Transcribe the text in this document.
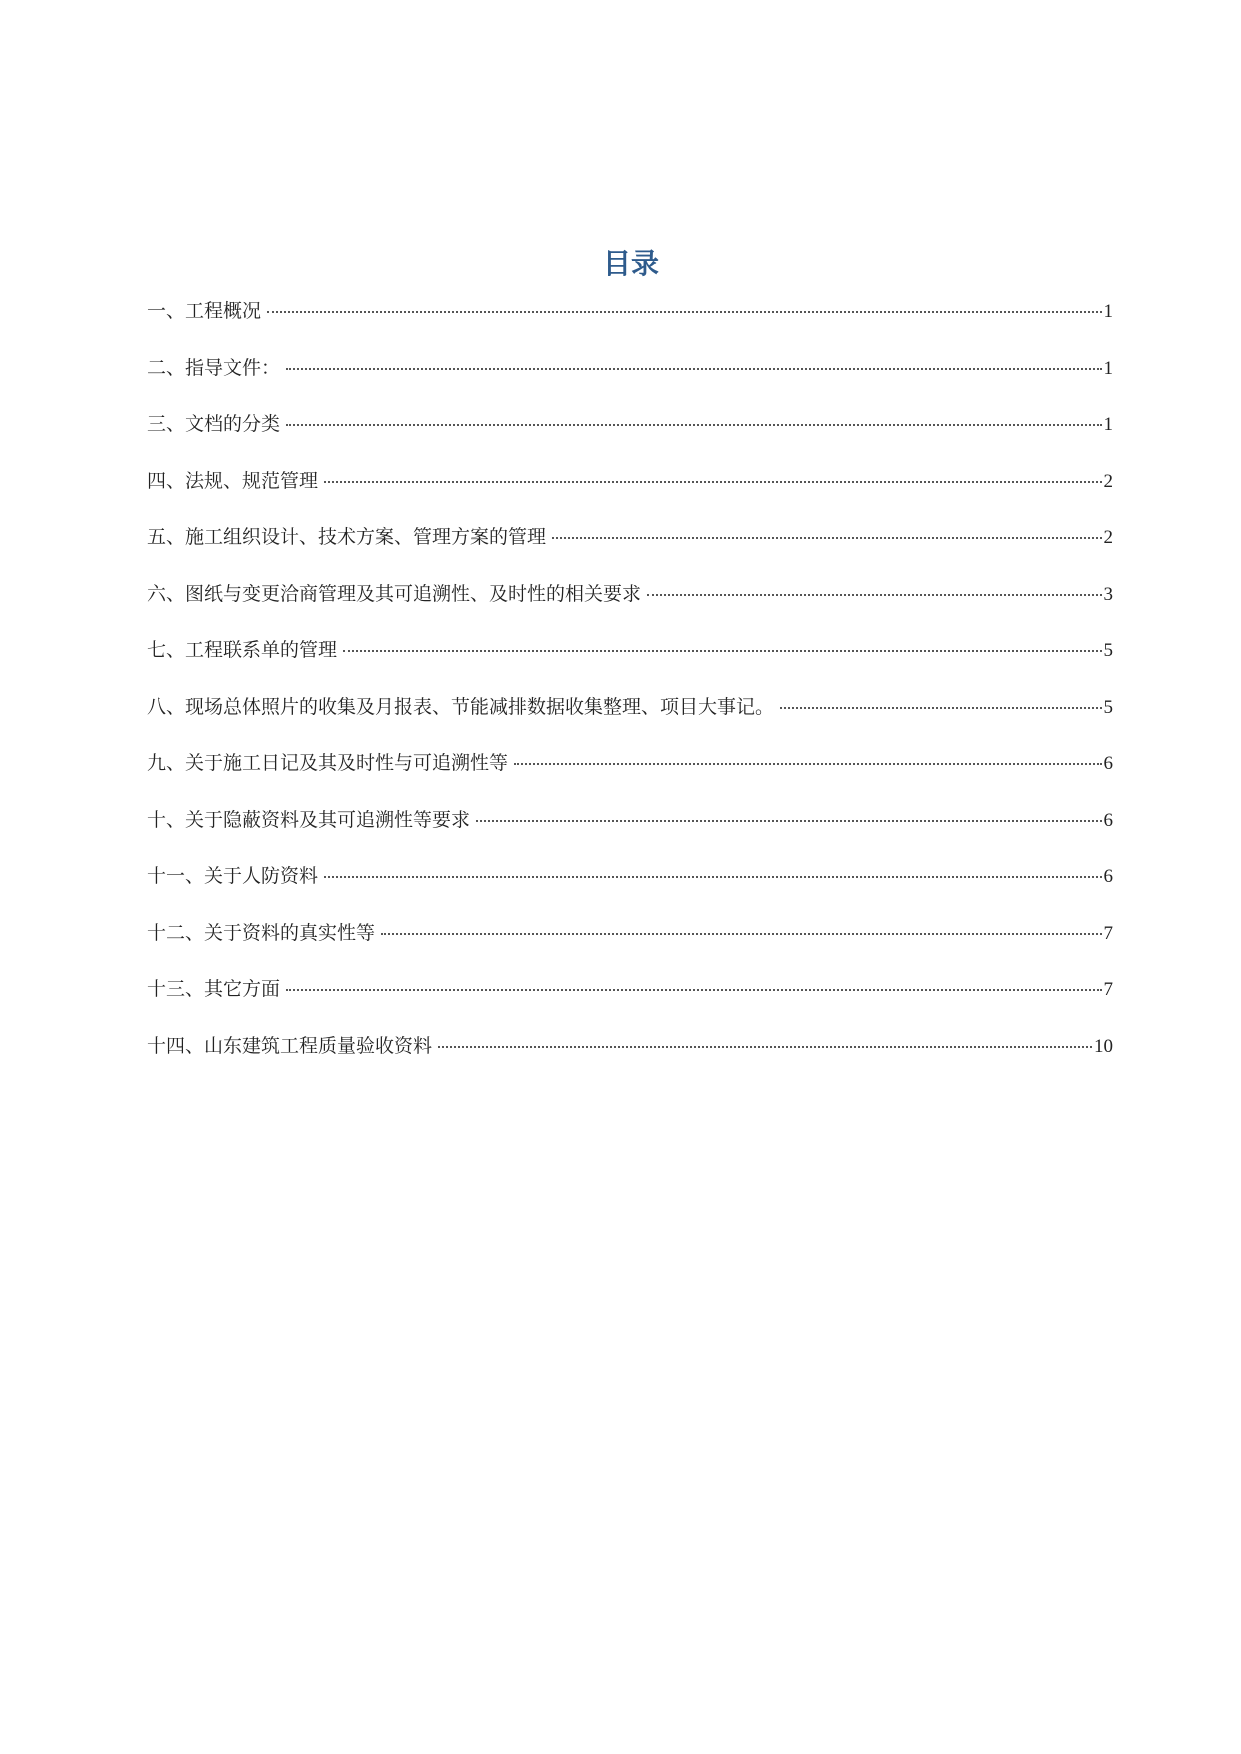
目录
一、工程概况	1
二、指导文件：	1
三、文档的分类	1
四、法规、规范管理	2
五、施工组织设计、技术方案、管理方案的管理	2
六、图纸与变更洽商管理及其可追溯性、及时性的相关要求	3
七、工程联系单的管理	5
八、现场总体照片的收集及月报表、节能减排数据收集整理、项目大事记。	5
九、关于施工日记及其及时性与可追溯性等	6
十、关于隐蔽资料及其可追溯性等要求	6
十一、关于人防资料	6
十二、关于资料的真实性等	7
十三、其它方面	7
十四、山东建筑工程质量验收资料	10
